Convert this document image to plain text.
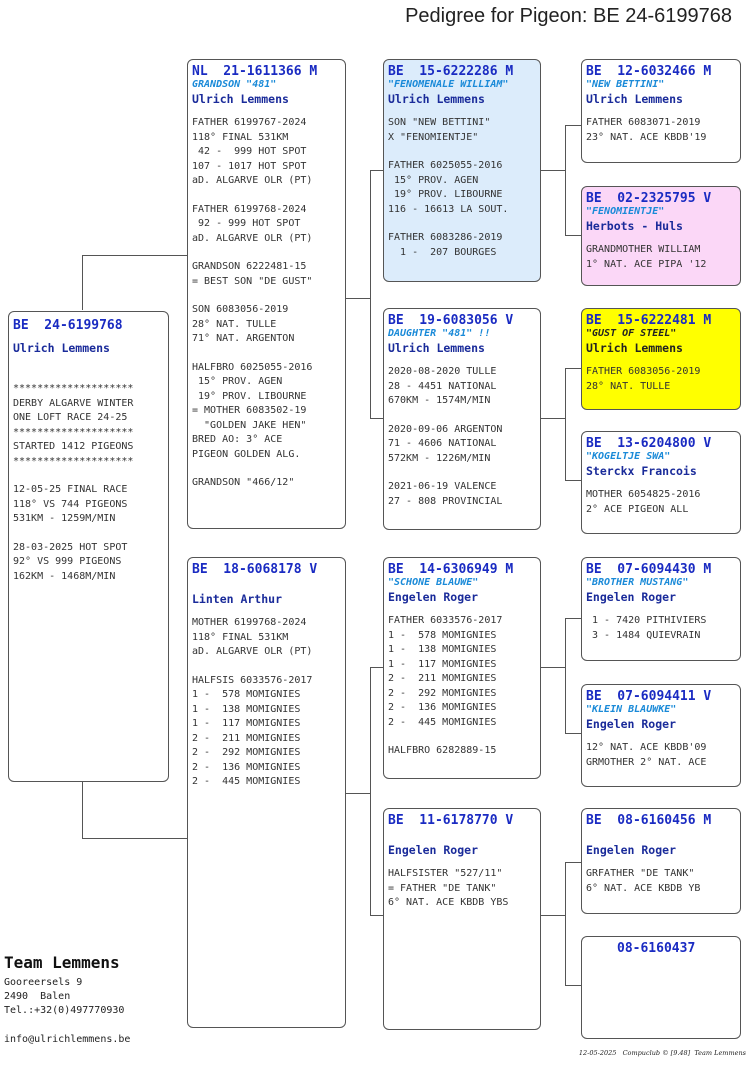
Pedigree for Pigeon: BE 24-6199768
BE  24-6199768
Ulrich Lemmens
********************
DERBY ALGARVE WINTER
ONE LOFT RACE 24-25
********************
STARTED 1412 PIGEONS
********************
12-05-25 FINAL RACE
118° VS 744 PIGEONS
531KM - 1259M/MIN
28-03-2025 HOT SPOT
92° VS 999 PIGEONS
162KM - 1468M/MIN
NL  21-1611366 M
GRANDSON "481"
Ulrich Lemmens
FATHER 6199767-2024
118° FINAL 531KM
42 -  999 HOT SPOT
107 - 1017 HOT SPOT
aD. ALGARVE OLR (PT)
FATHER 6199768-2024
92 - 999 HOT SPOT
aD. ALGARVE OLR (PT)
GRANDSON 6222481-15
= BEST SON "DE GUST"
SON 6083056-2019
28° NAT. TULLE
71° NAT. ARGENTON
HALFBRO 6025055-2016
15° PROV. AGEN
19° PROV. LIBOURNE
= MOTHER 6083502-19
"GOLDEN JAKE HEN"
BRED AO: 3° ACE
PIGEON GOLDEN ALG.
GRANDSON "466/12"
BE  18-6068178 V
Linten Arthur
MOTHER 6199768-2024
118° FINAL 531KM
aD. ALGARVE OLR (PT)
HALFSIS 6033576-2017
1 -  578 MOMIGNIES
1 -  138 MOMIGNIES
1 -  117 MOMIGNIES
2 -  211 MOMIGNIES
2 -  292 MOMIGNIES
2 -  136 MOMIGNIES
2 -  445 MOMIGNIES
BE  15-6222286 M
"FENOMENALE WILLIAM"
Ulrich Lemmens
SON "NEW BETTINI"
X "FENOMIENTJE"
FATHER 6025055-2016
15° PROV. AGEN
19° PROV. LIBOURNE
116 - 16613 LA SOUT.
FATHER 6083286-2019
1 -  207 BOURGES
BE  19-6083056 V
DAUGHTER "481" !!
Ulrich Lemmens
2020-08-2020 TULLE
28 - 4451 NATIONAL
670KM - 1574M/MIN
2020-09-06 ARGENTON
71 - 4606 NATIONAL
572KM - 1226M/MIN
2021-06-19 VALENCE
27 - 808 PROVINCIAL
BE  14-6306949 M
"SCHONE BLAUWE"
Engelen Roger
FATHER 6033576-2017
1 -  578 MOMIGNIES
1 -  138 MOMIGNIES
1 -  117 MOMIGNIES
2 -  211 MOMIGNIES
2 -  292 MOMIGNIES
2 -  136 MOMIGNIES
2 -  445 MOMIGNIES
HALFBRO 6282889-15
BE  11-6178770 V
Engelen Roger
HALFSISTER "527/11"
= FATHER "DE TANK"
6° NAT. ACE KBDB YBS
BE  12-6032466 M
"NEW BETTINI"
Ulrich Lemmens
FATHER 6083071-2019
23° NAT. ACE KBDB'19
BE  02-2325795 V
"FENOMIENTJE"
Herbots - Huls
GRANDMOTHER WILLIAM
1° NAT. ACE PIPA '12
BE  15-6222481 M
"GUST OF STEEL"
Ulrich Lemmens
FATHER 6083056-2019
28° NAT. TULLE
BE  13-6204800 V
"KOGELTJE SWA"
Sterckx Francois
MOTHER 6054825-2016
2° ACE PIGEON ALL
BE  07-6094430 M
"BROTHER MUSTANG"
Engelen Roger
1 - 7420 PITHIVIERS
3 - 1484 QUIEVRAIN
BE  07-6094411 V
"KLEIN BLAUWKE"
Engelen Roger
12° NAT. ACE KBDB'09
GRMOTHER 2° NAT. ACE
BE  08-6160456 M
Engelen Roger
GRFATHER "DE TANK"
6° NAT. ACE KBDB YB
08-6160437
Team Lemmens
Gooreersels 9
2490  Balen
Tel.:+32(0)497770930
info@ulrichlemmens.be
12-05-2025   Compuclub © [9.48]  Team Lemmens
